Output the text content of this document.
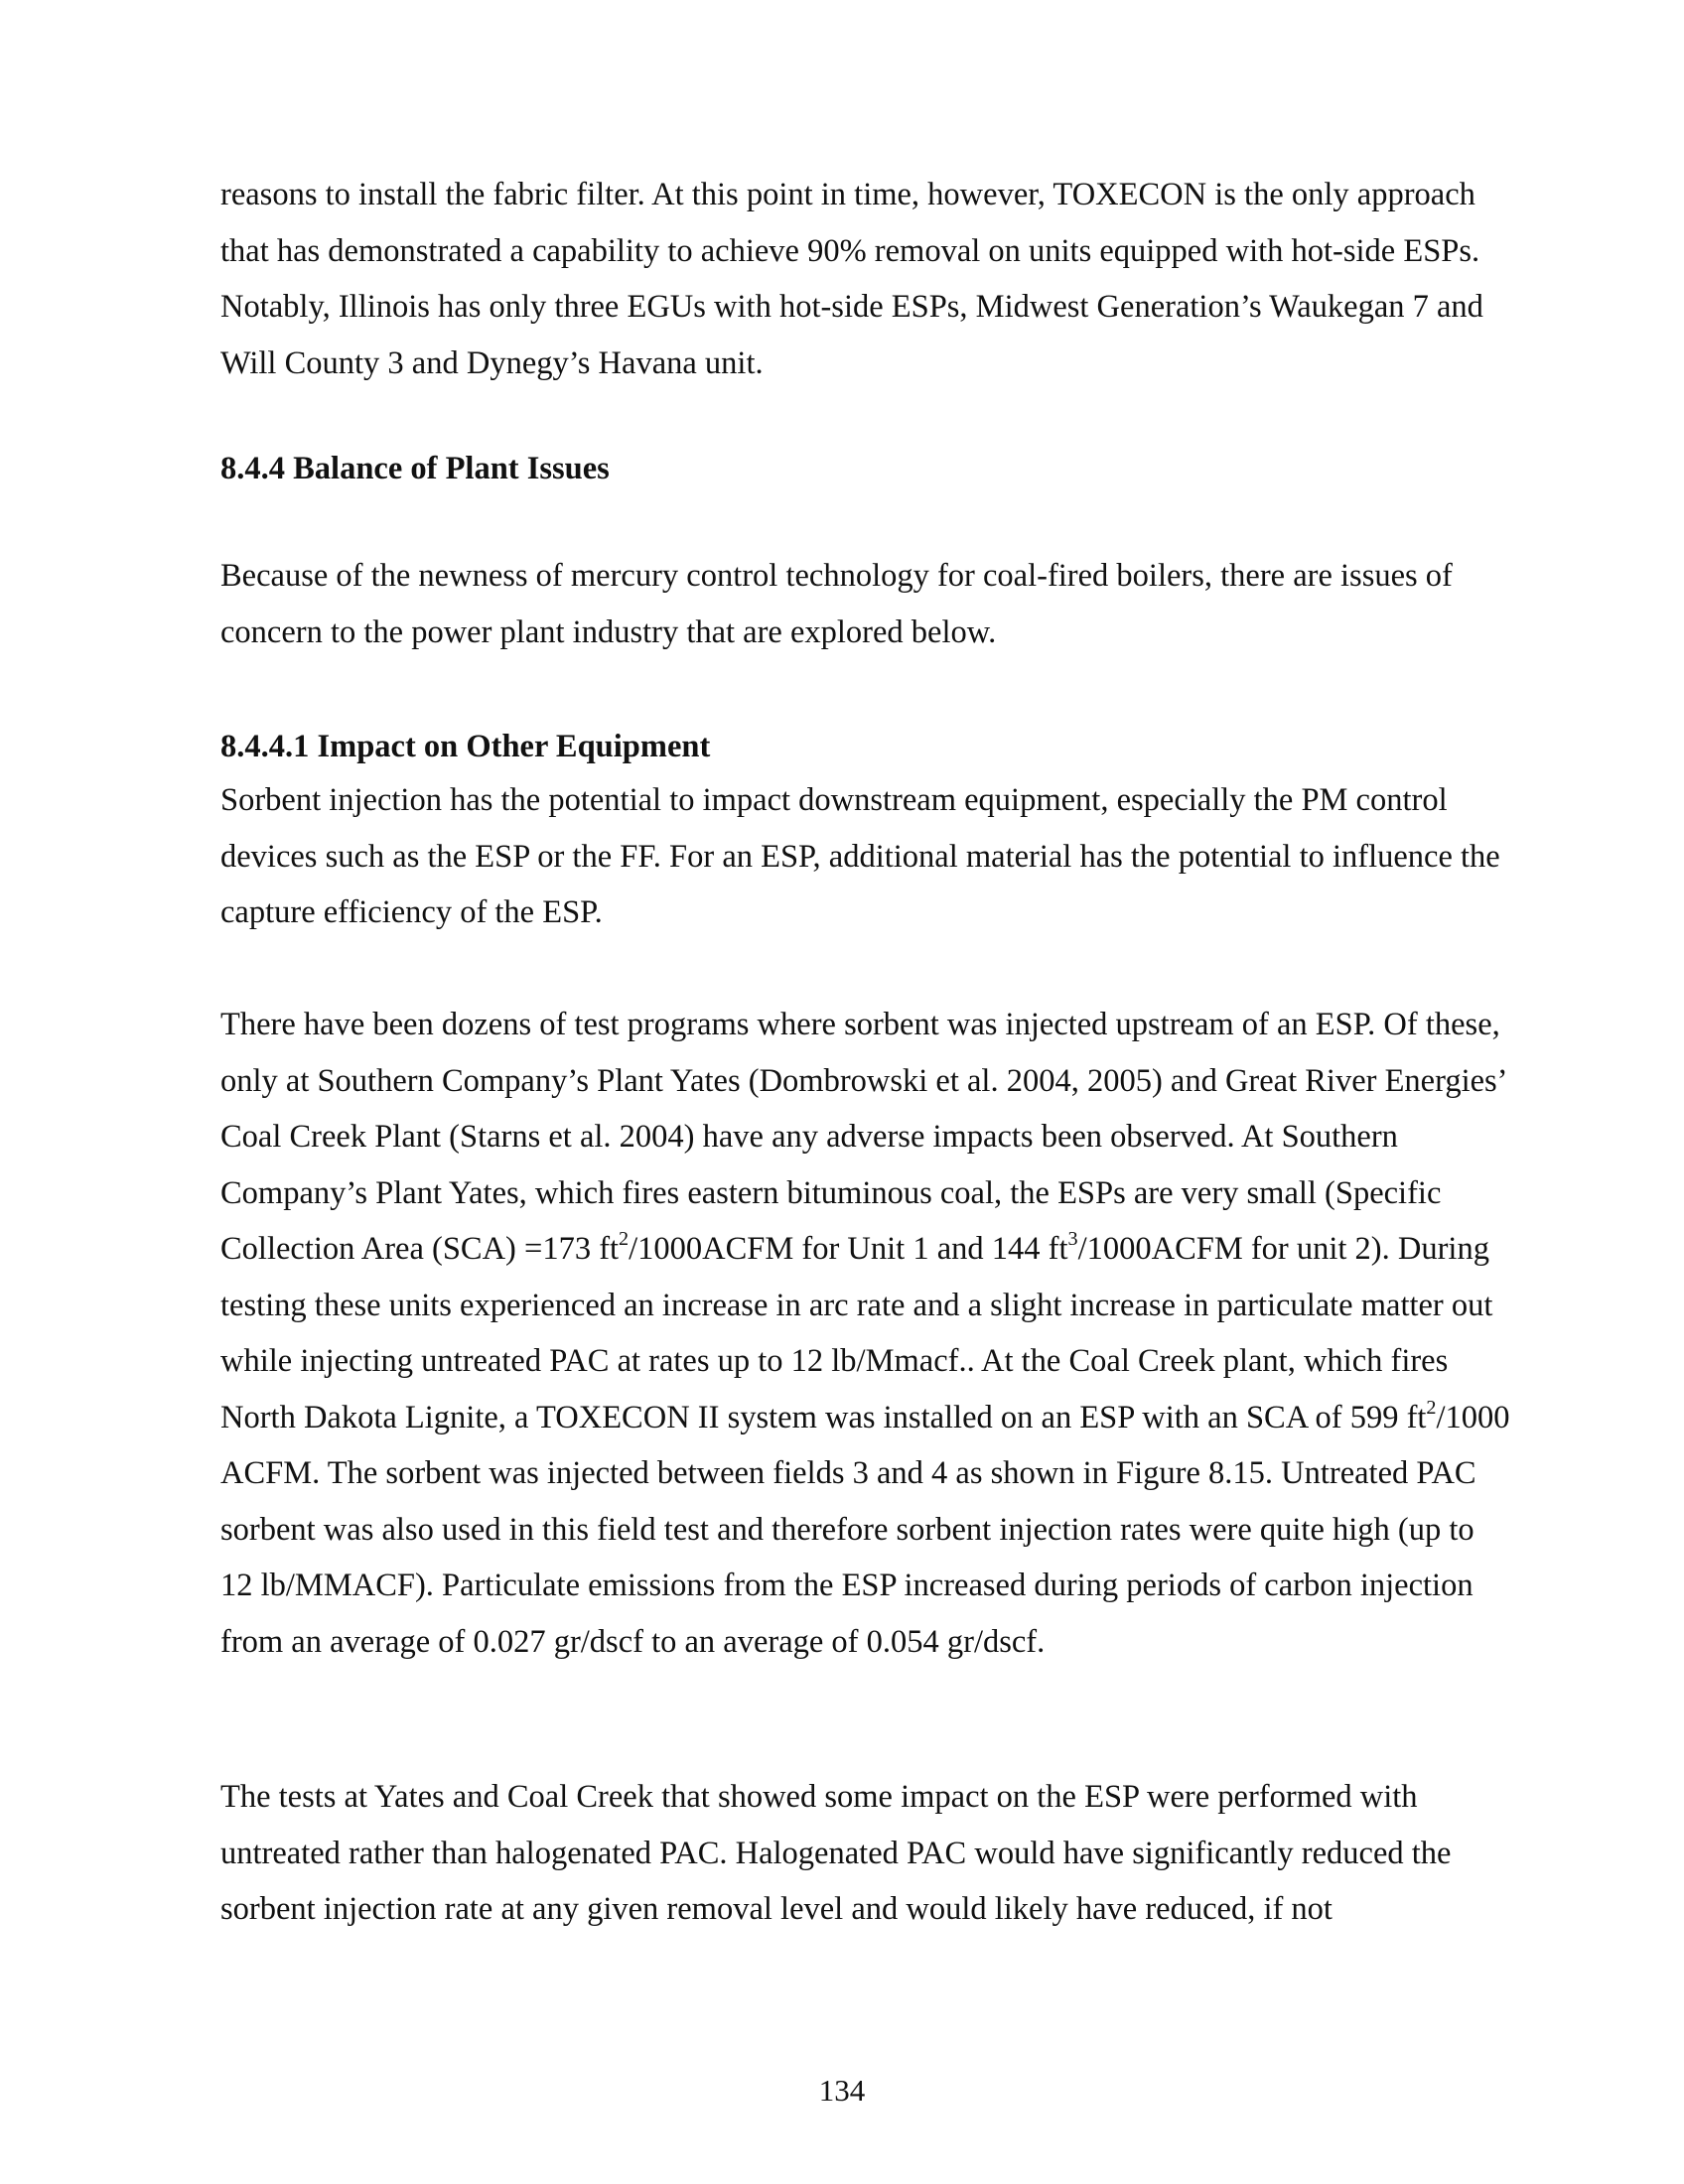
reasons to install the fabric filter. At this point in time, however, TOXECON is the only approach that has demonstrated a capability to achieve 90% removal on units equipped with hot-side ESPs. Notably, Illinois has only three EGUs with hot-side ESPs, Midwest Generation’s Waukegan 7 and Will County 3 and Dynegy’s Havana unit.

8.4.4 Balance of Plant Issues

Because of the newness of mercury control technology for coal-fired boilers, there are issues of concern to the power plant industry that are explored below.

8.4.4.1 Impact on Other Equipment

Sorbent injection has the potential to impact downstream equipment, especially the PM control devices such as the ESP or the FF. For an ESP, additional material has the potential to influence the capture efficiency of the ESP.

There have been dozens of test programs where sorbent was injected upstream of an ESP. Of these, only at Southern Company’s Plant Yates (Dombrowski et al. 2004, 2005) and Great River Energies’ Coal Creek Plant (Starns et al. 2004) have any adverse impacts been observed. At Southern Company’s Plant Yates, which fires eastern bituminous coal, the ESPs are very small (Specific Collection Area (SCA) =173 $ft^2/1000ACFM$ for Unit 1 and 144 $ft^3/1000ACFM$ for unit 2). During testing these units experienced an increase in arc rate and a slight increase in particulate matter out while injecting untreated PAC at rates up to 12 lb/Mmacf.. At the Coal Creek plant, which fires North Dakota Lignite, a TOXECON II system was installed on an ESP with an SCA of 599 $ft^2/1000$ ACFM. The sorbent was injected between fields 3 and 4 as shown in Figure 8.15. Untreated PAC sorbent was also used in this field test and therefore sorbent injection rates were quite high (up to 12 lb/MMACF). Particulate emissions from the ESP increased during periods of carbon injection from an average of 0.027 gr/dscf to an average of 0.054 gr/dscf.

The tests at Yates and Coal Creek that showed some impact on the ESP were performed with untreated rather than halogenated PAC. Halogenated PAC would have significantly reduced the sorbent injection rate at any given removal level and would likely have reduced, if not

134
